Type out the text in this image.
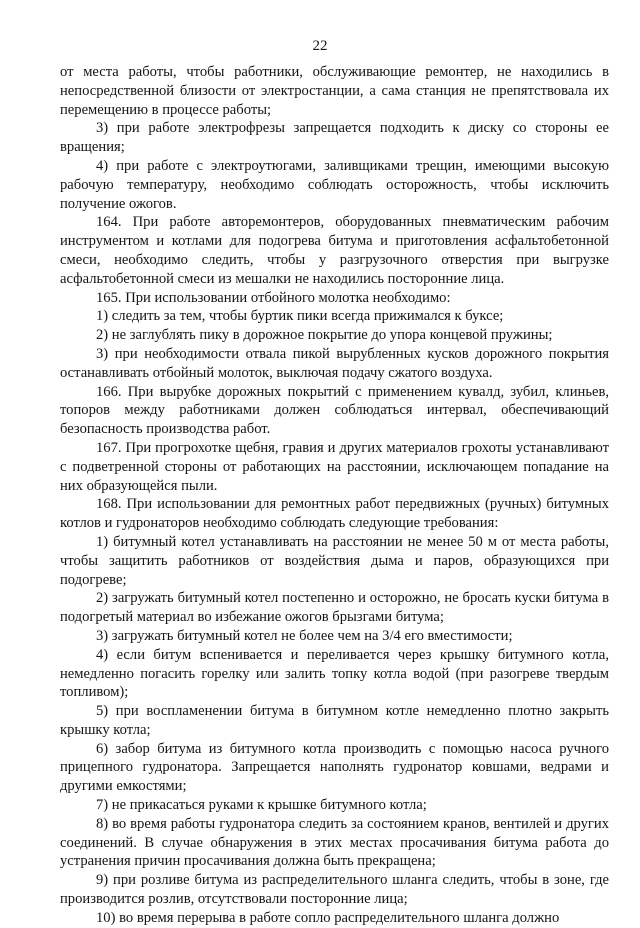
22

от места работы, чтобы работники, обслуживающие ремонтер, не находились в непосредственной близости от электростанции, а сама станция не препятствовала их перемещению в процессе работы;

3) при работе электрофрезы запрещается подходить к диску со стороны ее вращения;

4) при работе с электроутюгами, заливщиками трещин, имеющими высокую рабочую температуру, необходимо соблюдать осторожность, чтобы исключить получение ожогов.

164. При работе авторемонтеров, оборудованных пневматическим рабочим инструментом и котлами для подогрева битума и приготовления асфальтобетонной смеси, необходимо следить, чтобы у разгрузочного отверстия при выгрузке асфальтобетонной смеси из мешалки не находились посторонние лица.

165. При использовании отбойного молотка необходимо:

1) следить за тем, чтобы буртик пики всегда прижимался к буксе;

2) не заглублять пику в дорожное покрытие до упора концевой пружины;

3) при необходимости отвала пикой вырубленных кусков дорожного покрытия останавливать отбойный молоток, выключая подачу сжатого воздуха.

166. При вырубке дорожных покрытий с применением кувалд, зубил, клиньев, топоров между работниками должен соблюдаться интервал, обеспечивающий безопасность производства работ.

167. При прогрохотке щебня, гравия и других материалов грохоты устанавливают с подветренной стороны от работающих на расстоянии, исключающем попадание на них образующейся пыли.

168. При использовании для ремонтных работ передвижных (ручных) битумных котлов и гудронаторов необходимо соблюдать следующие требования:

1) битумный котел устанавливать на расстоянии не менее 50 м от места работы, чтобы защитить работников от воздействия дыма и паров, образующихся при подогреве;

2) загружать битумный котел постепенно и осторожно, не бросать куски битума в подогретый материал во избежание ожогов брызгами битума;

3) загружать битумный котел не более чем на 3/4 его вместимости;

4) если битум вспенивается и переливается через крышку битумного котла, немедленно погасить горелку или залить топку котла водой (при разогреве твердым топливом);

5) при воспламенении битума в битумном котле немедленно плотно закрыть крышку котла;

6) забор битума из битумного котла производить с помощью насоса ручного прицепного гудронатора. Запрещается наполнять гудронатор ковшами, ведрами и другими емкостями;

7) не прикасаться руками к крышке битумного котла;

8) во время работы гудронатора следить за состоянием кранов, вентилей и других соединений. В случае обнаружения в этих местах просачивания битума работа до устранения причин просачивания должна быть прекращена;

9) при розливе битума из распределительного шланга следить, чтобы в зоне, где производится розлив, отсутствовали посторонние лица;

10) во время перерыва в работе сопло распределительного шланга должно
